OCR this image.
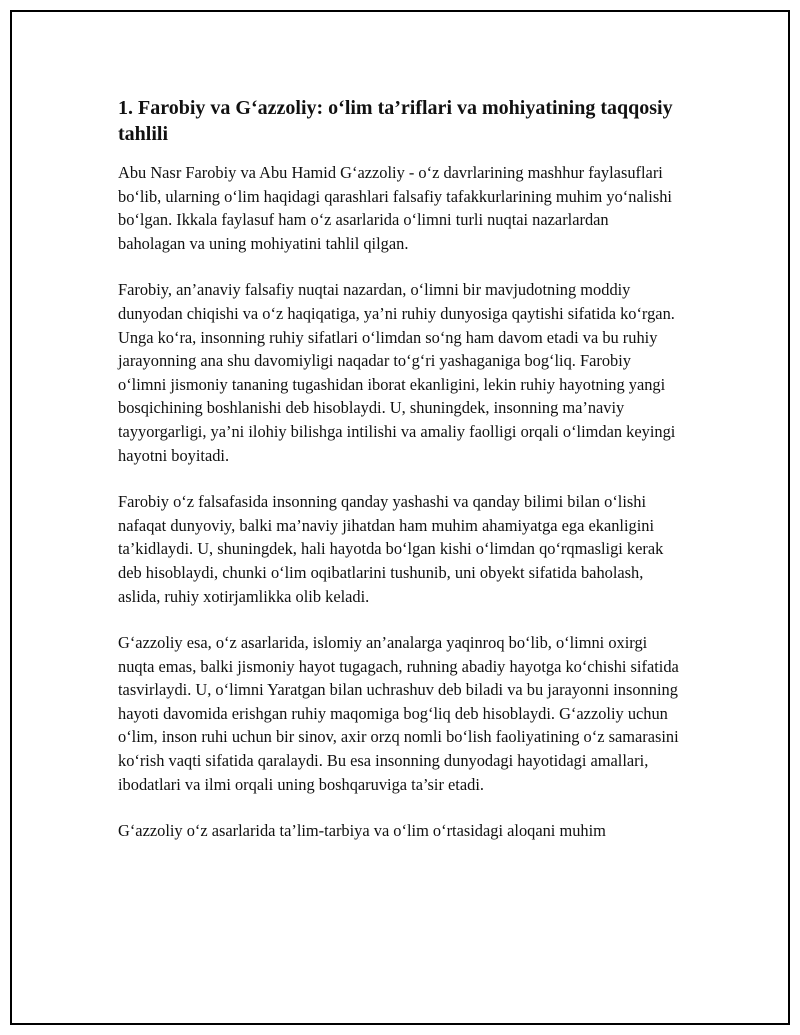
1. Farobiy va G‘azzoliy: o‘lim ta’riflari va mohiyatining taqqosiy tahlili

Abu Nasr Farobiy va Abu Hamid G‘azzoliy - o‘z davrlarining mashhur faylasuflari bo‘lib, ularning o‘lim haqidagi qarashlari falsafiy tafakkurlarining muhim yo‘nalishi bo‘lgan. Ikkala faylasuf ham o‘z asarlarida o‘limni turli nuqtai nazarlardan baholagan va uning mohiyatini tahlil qilgan.

Farobiy, an’anaviy falsafiy nuqtai nazardan, o‘limni bir mavjudotning moddiy dunyodan chiqishi va o‘z haqiqatiga, ya’ni ruhiy dunyosiga qaytishi sifatida ko‘rgan. Unga ko‘ra, insonning ruhiy sifatlari o‘limdan so‘ng ham davom etadi va bu ruhiy jarayonning ana shu davomiyligi naqadar to‘g‘ri yashaganiga bog‘liq. Farobiy o‘limni jismoniy tananing tugashidan iborat ekanligini, lekin ruhiy hayotning yangi bosqichining boshlanishi deb hisoblaydi. U, shuningdek, insonning ma’naviy tayyorgarligi, ya’ni ilohiy bilishga intilishi va amaliy faolligi orqali o‘limdan keyingi hayotni boyitadi.

Farobiy o‘z falsafasida insonning qanday yashashi va qanday bilimi bilan o‘lishi nafaqat dunyoviy, balki ma’naviy jihatdan ham muhim ahamiyatga ega ekanligini ta’kidlaydi. U, shuningdek, hali hayotda bo‘lgan kishi o‘limdan qo‘rqmasligi kerak deb hisoblaydi, chunki o‘lim oqibatlarini tushunib, uni obyekt sifatida baholash, aslida, ruhiy xotirjamlikka olib keladi.

G‘azzoliy esa, o‘z asarlarida, islomiy an’analarga yaqinroq bo‘lib, o‘limni oxirgi nuqta emas, balki jismoniy hayot tugagach, ruhning abadiy hayotga ko‘chishi sifatida tasvirlaydi. U, o‘limni Yaratgan bilan uchrashuv deb biladi va bu jarayonni insonning hayoti davomida erishgan ruhiy maqomiga bog‘liq deb hisoblaydi. G‘azzoliy uchun o‘lim, inson ruhi uchun bir sinov, axir orzq nomli bo‘lish faoliyatining o‘z samarasini ko‘rish vaqti sifatida qaralaydi. Bu esa insonning dunyodagi hayotidagi amallari, ibodatlari va ilmi orqali uning boshqaruviga ta’sir etadi.

G‘azzoliy o‘z asarlarida ta’lim-tarbiya va o‘lim o‘rtasidagi aloqani muhim
